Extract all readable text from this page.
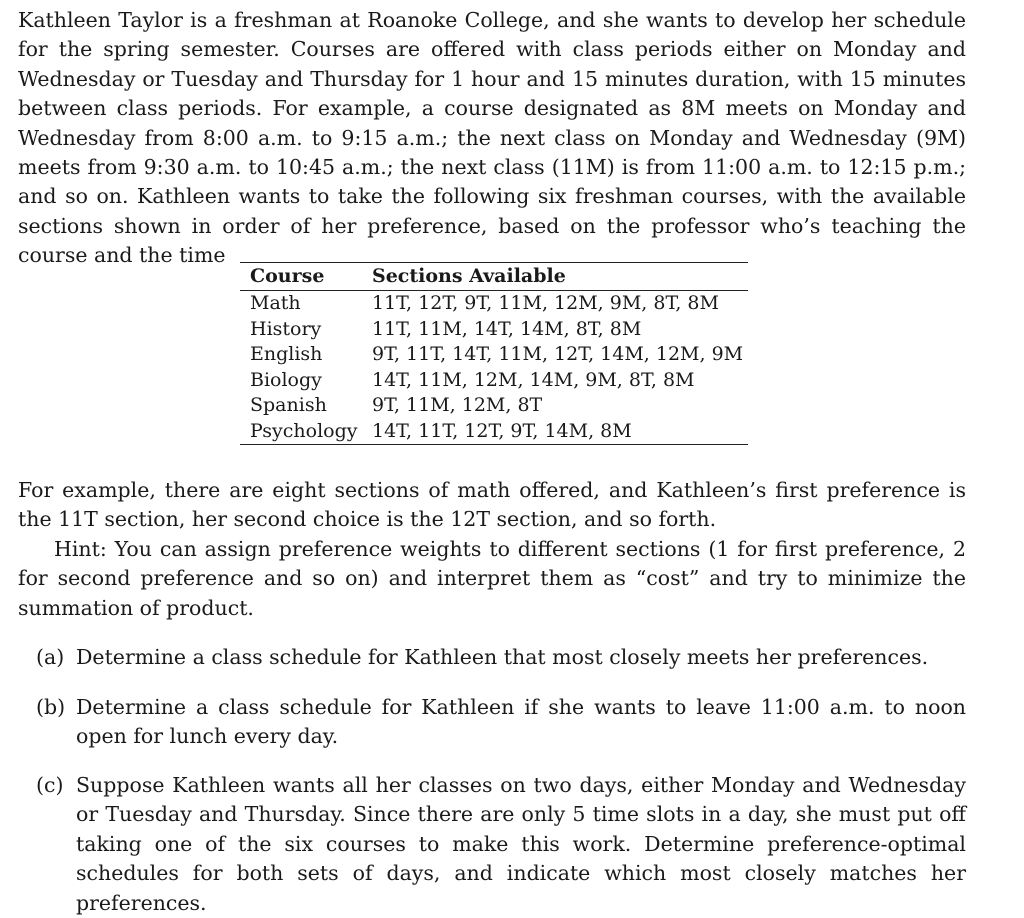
Kathleen Taylor is a freshman at Roanoke College, and she wants to develop her schedule for the spring semester. Courses are offered with class periods either on Monday and Wednesday or Tuesday and Thursday for 1 hour and 15 minutes duration, with 15 minutes between class periods. For example, a course designated as 8M meets on Monday and Wednesday from 8:00 a.m. to 9:15 a.m.; the next class on Monday and Wednesday (9M) meets from 9:30 a.m. to 10:45 a.m.; the next class (11M) is from 11:00 a.m. to 12:15 p.m.; and so on. Kathleen wants to take the following six freshman courses, with the available sections shown in order of her preference, based on the professor who’s teaching the course and the time

Course	Sections Available
Math	11T, 12T, 9T, 11M, 12M, 9M, 8T, 8M
History	11T, 11M, 14T, 14M, 8T, 8M
English	9T, 11T, 14T, 11M, 12T, 14M, 12M, 9M
Biology	14T, 11M, 12M, 14M, 9M, 8T, 8M
Spanish	9T, 11M, 12M, 8T
Psychology	14T, 11T, 12T, 9T, 14M, 8M

For example, there are eight sections of math offered, and Kathleen’s first preference is the 11T section, her second choice is the 12T section, and so forth.

Hint: You can assign preference weights to different sections (1 for first preference, 2 for second preference and so on) and interpret them as “cost” and try to minimize the summation of product.

(a) Determine a class schedule for Kathleen that most closely meets her preferences.
(b) Determine a class schedule for Kathleen if she wants to leave 11:00 a.m. to noon open for lunch every day.
(c) Suppose Kathleen wants all her classes on two days, either Monday and Wednesday or Tuesday and Thursday. Since there are only 5 time slots in a day, she must put off taking one of the six courses to make this work. Determine preference-optimal schedules for both sets of days, and indicate which most closely matches her preferences.
